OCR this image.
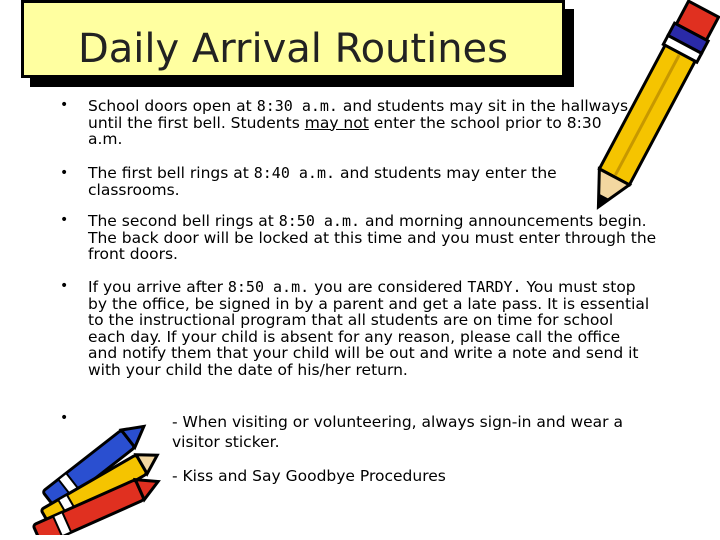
Daily Arrival Routines
•
•
•
•
•
School doors open at 8:30 a.m. and students may sit in the hallways until the first bell. Students may not enter the school prior to 8:30 a.m.
The first bell rings at 8:40 a.m. and students may enter the classrooms.
The second bell rings at 8:50 a.m. and morning announcements begin. The back door will be locked at this time and you must enter through the front doors.
If you arrive after 8:50 a.m. you are considered TARDY. You must stop by the office, be signed in by a parent and get a late pass. It is essential to the instructional program that all students are on time for school each day. If your child is absent for any reason, please call the office and notify them that your child will be out and write a note and send it with your child the date of his/her return.
- When visiting or volunteering, always sign-in and wear a visitor sticker.
- Kiss and Say Goodbye Procedures
